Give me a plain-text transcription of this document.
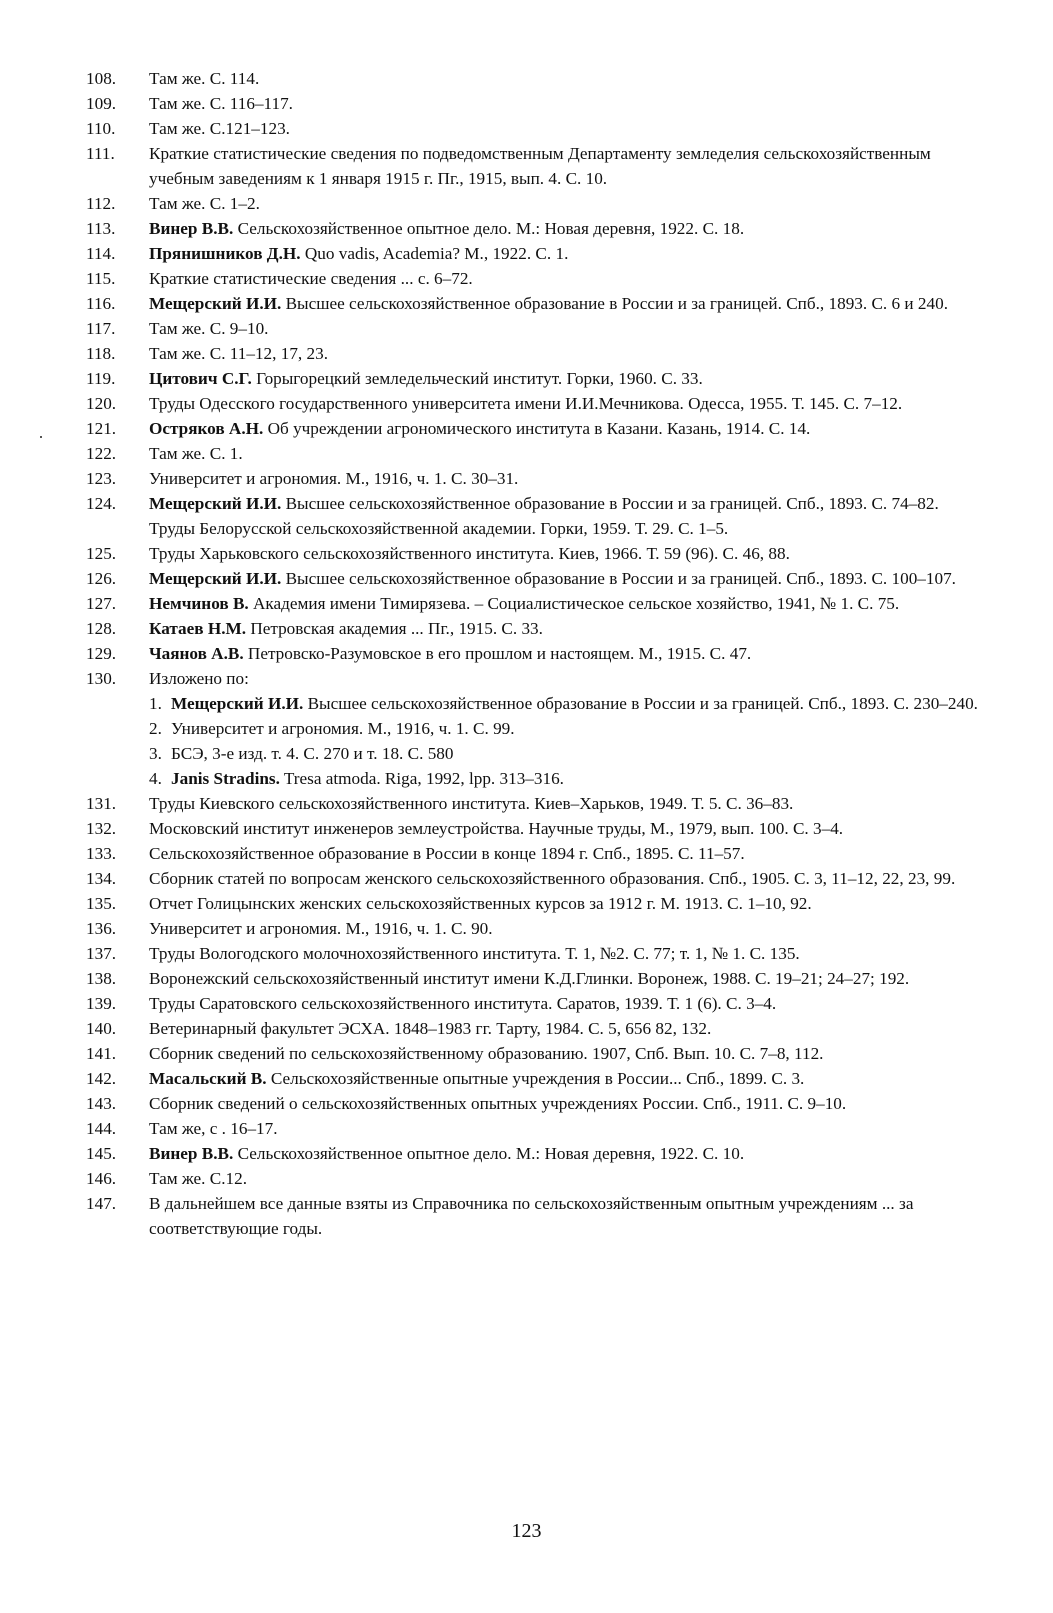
108.	Там же. С. 114.
109.	Там же. С. 116–117.
110.	Там же. С.121–123.
111.	Краткие статистические сведения по подведомственным Департаменту земледелия сельскохозяйственным учебным заведениям к 1 января 1915 г. Пг., 1915, вып. 4. С. 10.
112.	Там же. С. 1–2.
113.	Винер В.В. Сельскохозяйственное опытное дело. М.: Новая деревня, 1922. С. 18.
114.	Прянишников Д.Н. Quo vadis, Academia? М., 1922. С. 1.
115.	Краткие статистические сведения ... с. 6–72.
116.	Мещерский И.И. Высшее сельскохозяйственное образование в России и за границей. Спб., 1893. С. 6 и 240.
117.	Там же. С. 9–10.
118.	Там же. С. 11–12, 17, 23.
119.	Цитович С.Г. Горыгорецкий земледельческий институт. Горки, 1960. С. 33.
120.	Труды Одесского государственного университета имени И.И.Мечникова. Одесса, 1955. Т. 145. С. 7–12.
121.	Остряков А.Н. Об учреждении агрономического института в Казани. Казань, 1914. С. 14.
122.	Там же. С. 1.
123.	Университет и агрономия. М., 1916, ч. 1. С. 30–31.
124.	Мещерский И.И. Высшее сельскохозяйственное образование в России и за границей. Спб., 1893. С. 74–82. Труды Белорусской сельскохозяйственной академии. Горки, 1959. Т. 29. С. 1–5.
125.	Труды Харьковского сельскохозяйственного института. Киев, 1966. Т. 59 (96). С. 46, 88.
126.	Мещерский И.И. Высшее сельскохозяйственное образование в России и за границей. Спб., 1893. С. 100–107.
127.	Немчинов В. Академия имени Тимирязева. – Социалистическое сельское хозяйство, 1941, № 1. С. 75.
128.	Катаев Н.М. Петровская академия ... Пг., 1915. С. 33.
129.	Чаянов А.В. Петровско-Разумовское в его прошлом и настоящем. М., 1915. С. 47.
130.	Изложено по:
1. Мещерский И.И. Высшее сельскохозяйственное образование в России и за границей. Спб., 1893. С. 230–240.
2. Университет и агрономия. М., 1916, ч. 1. С. 99.
3. БСЭ, 3-е изд. т. 4. С. 270 и т. 18. С. 580
4. Janis Stradins. Tresa atmoda. Riga, 1992, lpp. 313–316.
131.	Труды Киевского сельскохозяйственного института. Киев–Харьков, 1949. Т. 5. С. 36–83.
132.	Московский институт инженеров землеустройства. Научные труды, М., 1979, вып. 100. С. 3–4.
133.	Сельскохозяйственное образование в России в конце 1894 г. Спб., 1895. С. 11–57.
134.	Сборник статей по вопросам женского сельскохозяйственного образования. Спб., 1905. С. 3, 11–12, 22, 23, 99.
135.	Отчет Голицынских женских сельскохозяйственных курсов за 1912 г. М. 1913. С. 1–10, 92.
136.	Университет и агрономия. М., 1916, ч. 1. С. 90.
137.	Труды Вологодского молочнохозяйственного института. Т. 1, №2. С. 77; т. 1, № 1. С. 135.
138.	Воронежский сельскохозяйственный институт имени К.Д.Глинки. Воронеж, 1988. С. 19–21; 24–27; 192.
139.	Труды Саратовского сельскохозяйственного института. Саратов, 1939. Т. 1 (6). С. 3–4.
140.	Ветеринарный факультет ЭСХА. 1848–1983 гг. Тарту, 1984. С. 5, 656 82, 132.
141.	Сборник сведений по сельскохозяйственному образованию. 1907, Спб. Вып. 10. С. 7–8, 112.
142.	Масальский В. Сельскохозяйственные опытные учреждения в России... Спб., 1899. С. 3.
143.	Сборник сведений о сельскохозяйственных опытных учреждениях России. Спб., 1911. С. 9–10.
144.	Там же, с . 16–17.
145.	Винер В.В. Сельскохозяйственное опытное дело. М.: Новая деревня, 1922. С. 10.
146.	Там же. С.12.
147.	В дальнейшем все данные взяты из Справочника по сельскохозяйственным опытным учреждениям ... за соответствующие годы.
123
